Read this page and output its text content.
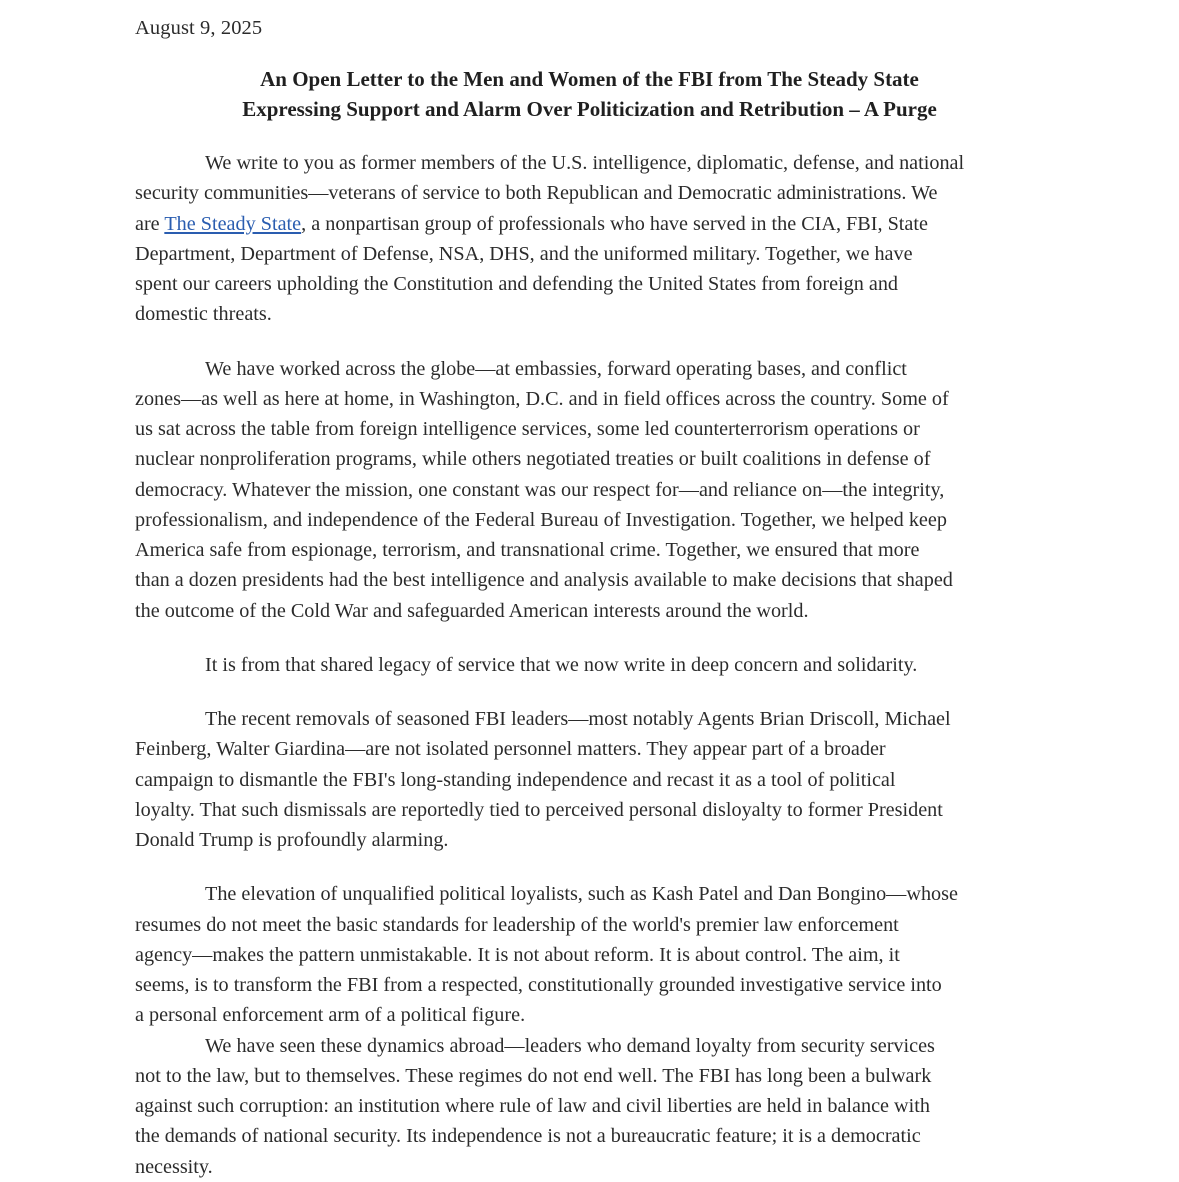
August 9, 2025
An Open Letter to the Men and Women of the FBI from The Steady State
Expressing Support and Alarm Over Politicization and Retribution – A Purge
We write to you as former members of the U.S. intelligence, diplomatic, defense, and national
security communities—veterans of service to both Republican and Democratic administrations. We
are The Steady State, a nonpartisan group of professionals who have served in the CIA, FBI, State
Department, Department of Defense, NSA, DHS, and the uniformed military. Together, we have
spent our careers upholding the Constitution and defending the United States from foreign and
domestic threats.
We have worked across the globe—at embassies, forward operating bases, and conflict
zones—as well as here at home, in Washington, D.C. and in field offices across the country. Some of
us sat across the table from foreign intelligence services, some led counterterrorism operations or
nuclear nonproliferation programs, while others negotiated treaties or built coalitions in defense of
democracy. Whatever the mission, one constant was our respect for—and reliance on—the integrity,
professionalism, and independence of the Federal Bureau of Investigation. Together, we helped keep
America safe from espionage, terrorism, and transnational crime. Together, we ensured that more
than a dozen presidents had the best intelligence and analysis available to make decisions that shaped
the outcome of the Cold War and safeguarded American interests around the world.
It is from that shared legacy of service that we now write in deep concern and solidarity.
The recent removals of seasoned FBI leaders—most notably Agents Brian Driscoll, Michael
Feinberg, Walter Giardina—are not isolated personnel matters. They appear part of a broader
campaign to dismantle the FBI's long-standing independence and recast it as a tool of political
loyalty. That such dismissals are reportedly tied to perceived personal disloyalty to former President
Donald Trump is profoundly alarming.
The elevation of unqualified political loyalists, such as Kash Patel and Dan Bongino—whose
resumes do not meet the basic standards for leadership of the world's premier law enforcement
agency—makes the pattern unmistakable. It is not about reform. It is about control. The aim, it
seems, is to transform the FBI from a respected, constitutionally grounded investigative service into
a personal enforcement arm of a political figure.
We have seen these dynamics abroad—leaders who demand loyalty from security services
not to the law, but to themselves. These regimes do not end well. The FBI has long been a bulwark
against such corruption: an institution where rule of law and civil liberties are held in balance with
the demands of national security. Its independence is not a bureaucratic feature; it is a democratic
necessity.
